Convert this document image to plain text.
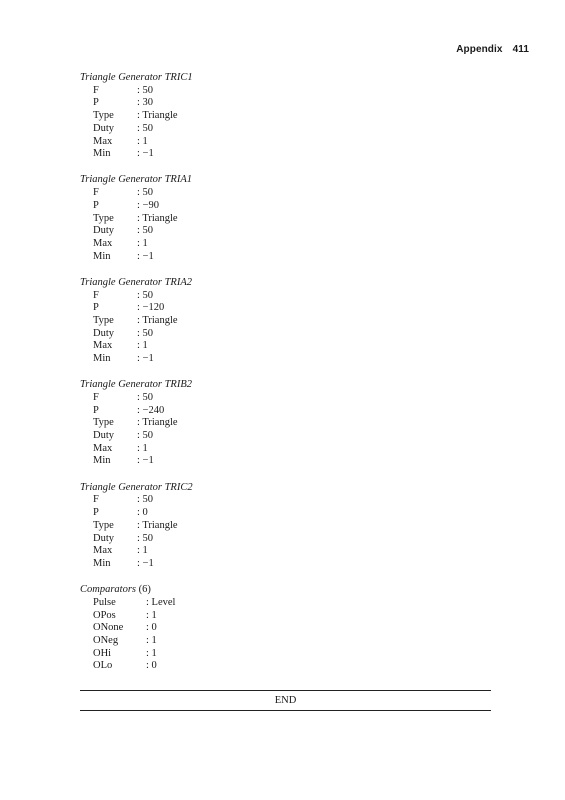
Appendix 411
Triangle Generator TRIC1
F	: 50
P	: 30
Type	: Triangle
Duty	: 50
Max	: 1
Min	: −1
Triangle Generator TRIA1
F	: 50
P	: −90
Type	: Triangle
Duty	: 50
Max	: 1
Min	: −1
Triangle Generator TRIA2
F	: 50
P	: −120
Type	: Triangle
Duty	: 50
Max	: 1
Min	: −1
Triangle Generator TRIB2
F	: 50
P	: −240
Type	: Triangle
Duty	: 50
Max	: 1
Min	: −1
Triangle Generator TRIC2
F	: 50
P	: 0
Type	: Triangle
Duty	: 50
Max	: 1
Min	: −1
Comparators (6)
Pulse	: Level
OPos	: 1
ONone	: 0
ONeg	: 1
OHi	: 1
OLo	: 0
END
